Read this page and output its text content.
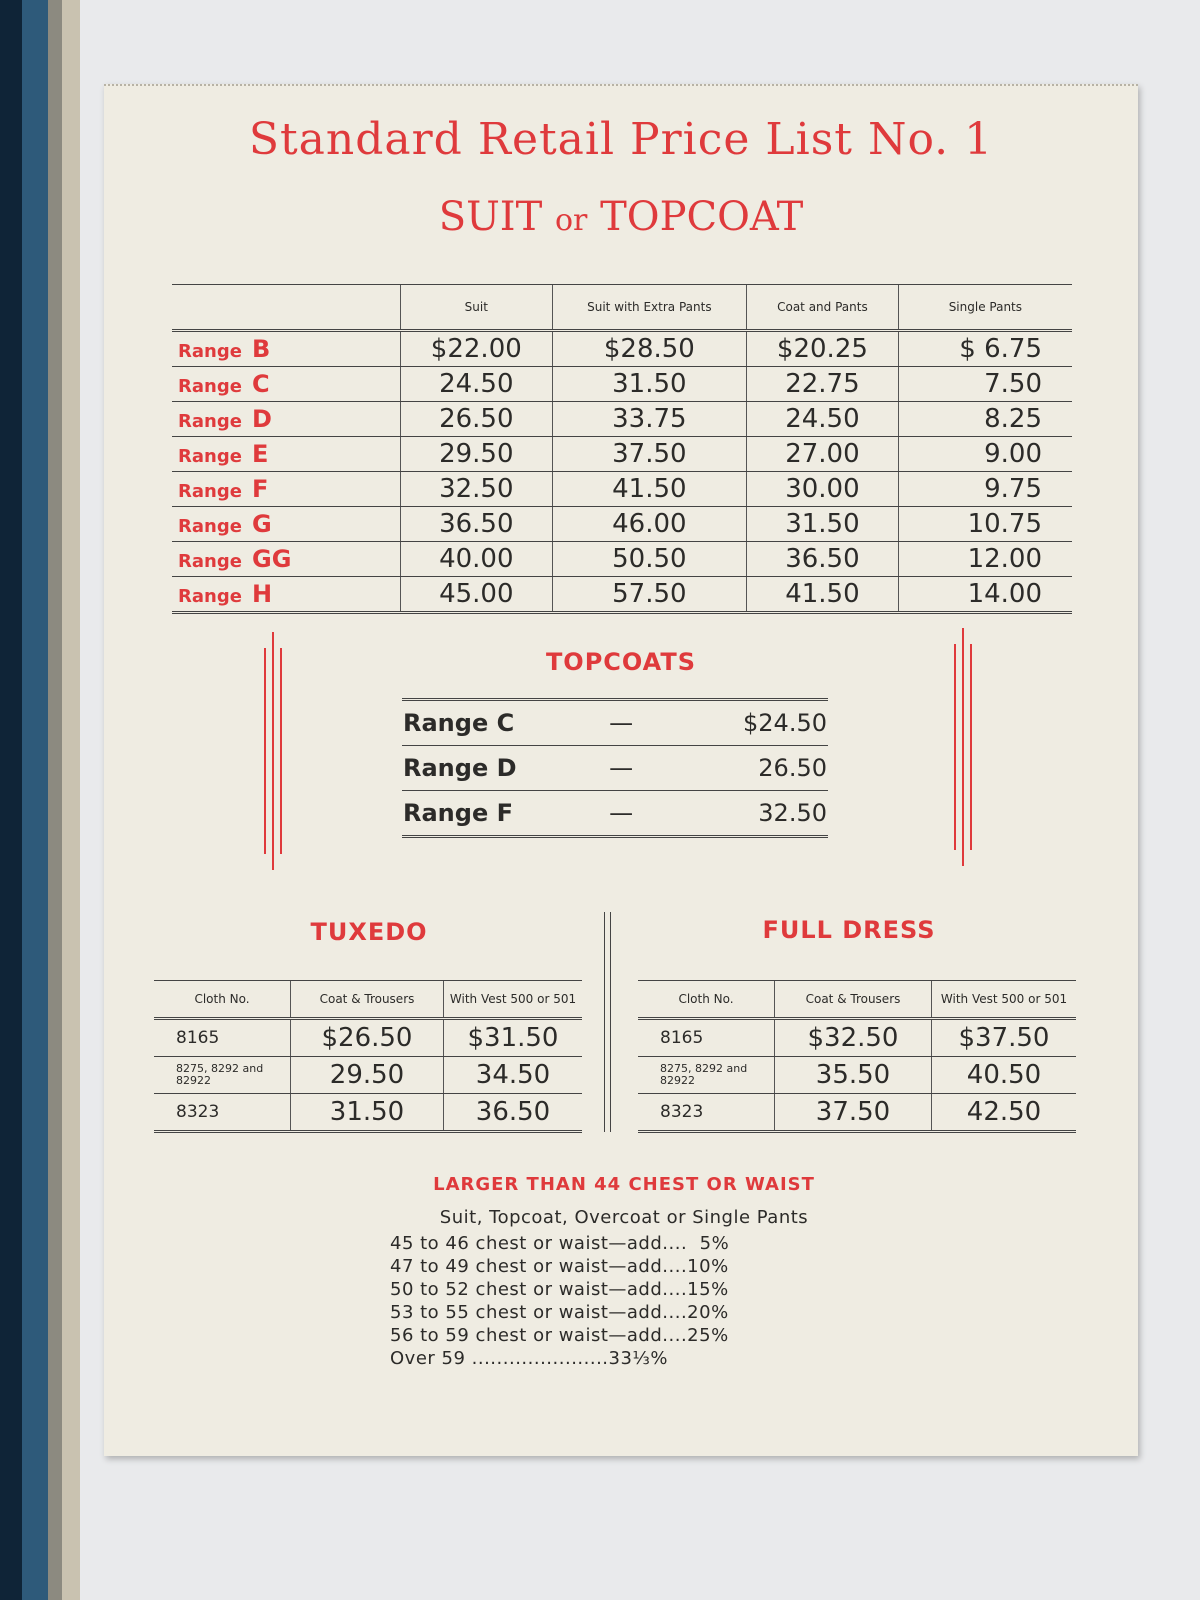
Standard Retail Price List No. 1
SUIT or TOPCOAT
	Suit	Suit with Extra Pants	Coat and Pants	Single Pants
Range B	$22.00	$28.50	$20.25	$ 6.75
Range C	24.50	31.50	22.75	7.50
Range D	26.50	33.75	24.50	8.25
Range E	29.50	37.50	27.00	9.00
Range F	32.50	41.50	30.00	9.75
Range G	36.50	46.00	31.50	10.75
Range GG	40.00	50.50	36.50	12.00
Range H	45.00	57.50	41.50	14.00
TOPCOATS
Range C	—	$24.50
Range D	—	26.50
Range F	—	32.50
TUXEDO	FULL DRESS
Cloth No.	Coat & Trousers	With Vest 500 or 501
8165	$26.50	$31.50
8275, 8292 and 82922	29.50	34.50
8323	31.50	36.50
Cloth No.	Coat & Trousers	With Vest 500 or 501
8165	$32.50	$37.50
8275, 8292 and 82922	35.50	40.50
8323	37.50	42.50
LARGER THAN 44 CHEST OR WAIST
Suit, Topcoat, Overcoat or Single Pants
45 to 46 chest or waist—add....  5%
47 to 49 chest or waist—add....10%
50 to 52 chest or waist—add....15%
53 to 55 chest or waist—add....20%
56 to 59 chest or waist—add....25%
Over 59 ......................33⅓%
